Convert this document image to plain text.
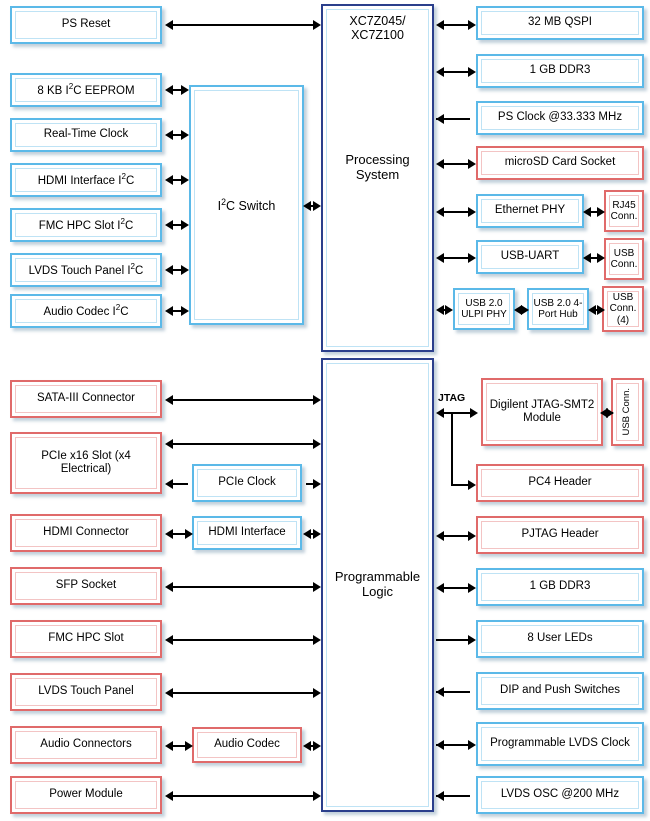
XC7Z045/
XC7Z100
Processing System
Programmable Logic
PS Reset
8 KB $I^2C$ EEPROM
Real-Time Clock
HDMI Interface $I^2C$
FMC HPC Slot $I^2C$
LVDS Touch Panel $I^2C$
Audio Codec $I^2C$
$I^2C$ Switch
32 MB QSPI
1 GB DDR3
PS Clock @33.333 MHz
microSD Card Socket
Ethernet PHY	RJ45 Conn.
USB-UART	USB Conn.
USB 2.0 ULPI PHY
USB 2.0 4-Port Hub
USB Conn. (4)
SATA-III Connector
PCIe x16 Slot (x4 Electrical)
HDMI Connector
SFP Socket
FMC HPC Slot
LVDS Touch Panel
Audio Connectors
Power Module
PCIe Clock
HDMI Interface
Audio Codec
Digilent JTAG-SMT2 Module	USB Conn.
PC4 Header
PJTAG Header
1 GB DDR3
8 User LEDs
DIP and Push Switches
Programmable LVDS Clock
LVDS OSC @200 MHz
JTAG
